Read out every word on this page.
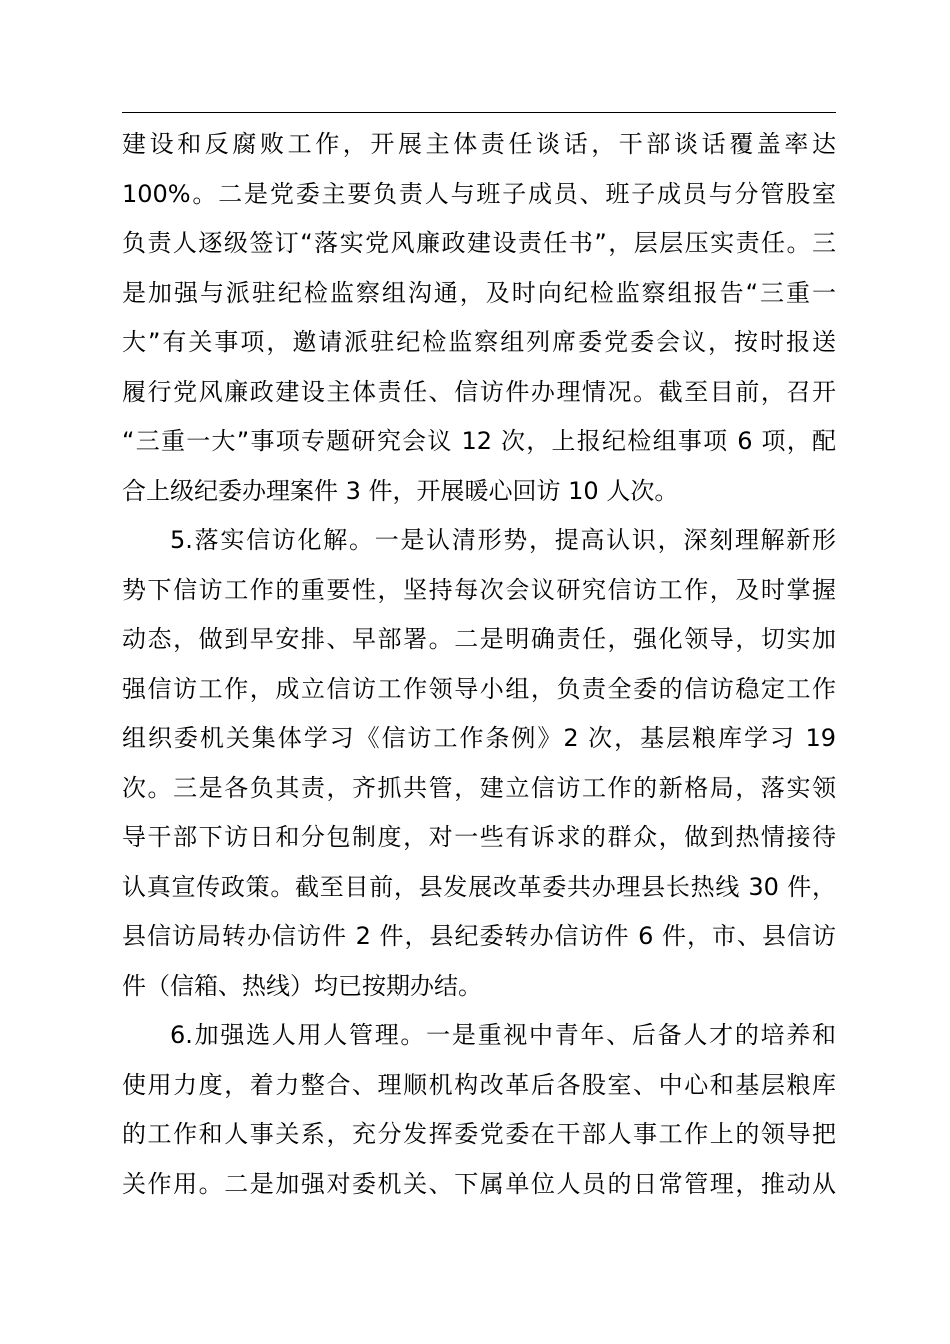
建设和反腐败工作，开展主体责任谈话，干部谈话覆盖率达
100%。二是党委主要负责人与班子成员、班子成员与分管股室
负责人逐级签订“落实党风廉政建设责任书”，层层压实责任。三
是加强与派驻纪检监察组沟通，及时向纪检监察组报告“三重一
大”有关事项，邀请派驻纪检监察组列席委党委会议，按时报送
履行党风廉政建设主体责任、信访件办理情况。截至目前，召开
“三重一大”事项专题研究会议 12 次，上报纪检组事项 6 项，配
合上级纪委办理案件 3 件，开展暖心回访 10 人次。
5.落实信访化解。一是认清形势，提高认识，深刻理解新形
势下信访工作的重要性，坚持每次会议研究信访工作，及时掌握
动态，做到早安排、早部署。二是明确责任，强化领导，切实加
强信访工作，成立信访工作领导小组，负责全委的信访稳定工作
组织委机关集体学习《信访工作条例》2 次，基层粮库学习 19
次。三是各负其责，齐抓共管，建立信访工作的新格局，落实领
导干部下访日和分包制度，对一些有诉求的群众，做到热情接待
认真宣传政策。截至目前，县发展改革委共办理县长热线 30 件，
县信访局转办信访件 2 件，县纪委转办信访件 6 件，市、县信访
件（信箱、热线）均已按期办结。
6.加强选人用人管理。一是重视中青年、后备人才的培养和
使用力度，着力整合、理顺机构改革后各股室、中心和基层粮库
的工作和人事关系，充分发挥委党委在干部人事工作上的领导把
关作用。二是加强对委机关、下属单位人员的日常管理，推动从
